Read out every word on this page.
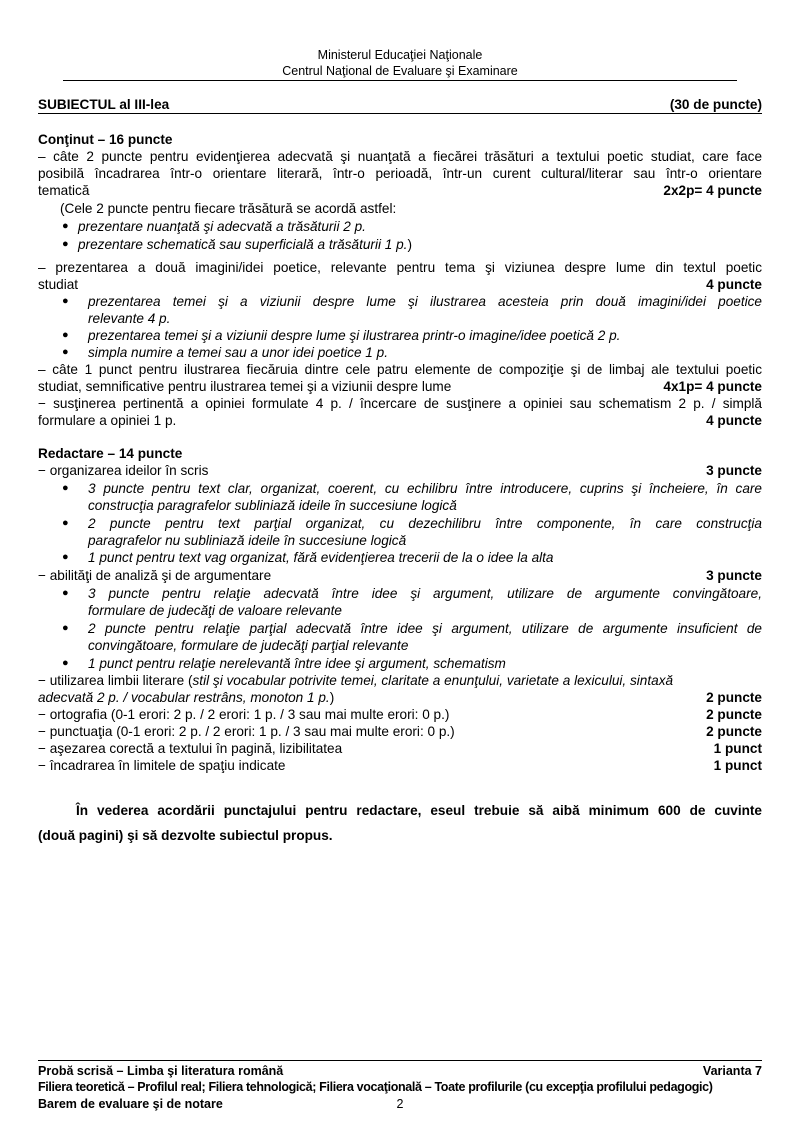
Ministerul Educaţiei Naţionale
Centrul Naţional de Evaluare şi Examinare
SUBIECTUL al III-lea	(30 de puncte)
Conţinut – 16 puncte
– câte 2 puncte pentru evidenţierea adecvată şi nuanţată a fiecărei trăsături a textului poetic studiat, care face
posibilă încadrarea într-o orientare literară, într-o perioadă, într-un curent cultural/literar sau într-o orientare
tematică	2x2p= 4 puncte
(Cele 2 puncte pentru fiecare trăsătură se acordă astfel:
● prezentare nuanţată şi adecvată a trăsăturii 2 p.
● prezentare schematică sau superficială a trăsăturii 1 p.)
– prezentarea a două imagini/idei poetice, relevante pentru tema şi viziunea despre lume din textul poetic
studiat	4 puncte
● prezentarea temei şi a viziunii despre lume şi ilustrarea acesteia prin două imagini/idei poetice
relevante 4 p.
● prezentarea temei şi a viziunii despre lume şi ilustrarea printr-o imagine/idee poetică 2 p.
● simpla numire a temei sau a unor idei poetice 1 p.
– câte 1 punct pentru ilustrarea fiecăruia dintre cele patru elemente de compoziţie şi de limbaj ale textului poetic
studiat, semnificative pentru ilustrarea temei şi a viziunii despre lume	4x1p= 4 puncte
− susţinerea pertinentă a opiniei formulate 4 p. / încercare de susţinere a opiniei sau schematism 2 p. / simplă
formulare a opiniei 1 p.	4 puncte
Redactare – 14 puncte
− organizarea ideilor în scris	3 puncte
● 3 puncte pentru text clar, organizat, coerent, cu echilibru între introducere, cuprins şi încheiere, în care
construcţia paragrafelor subliniază ideile în succesiune logică
● 2 puncte pentru text parţial organizat, cu dezechilibru între componente, în care construcţia
paragrafelor nu subliniază ideile în succesiune logică
● 1 punct pentru text vag organizat, fără evidenţierea trecerii de la o idee la alta
− abilităţi de analiză şi de argumentare	3 puncte
● 3 puncte pentru relaţie adecvată între idee şi argument, utilizare de argumente convingătoare,
formulare de judecăţi de valoare relevante
● 2 puncte pentru relaţie parţial adecvată între idee şi argument, utilizare de argumente insuficient de
convingătoare, formulare de judecăţi parţial relevante
● 1 punct pentru relaţie nerelevantă între idee şi argument, schematism
− utilizarea limbii literare (stil şi vocabular potrivite temei, claritate a enunţului, varietate a lexicului, sintaxă
adecvată 2 p. / vocabular restrâns, monoton 1 p.)	2 puncte
− ortografia (0-1 erori: 2 p. / 2 erori: 1 p. / 3 sau mai multe erori: 0 p.)	2 puncte
− punctuaţia (0-1 erori: 2 p. / 2 erori: 1 p. / 3 sau mai multe erori: 0 p.)	2 puncte
− aşezarea corectă a textului în pagină, lizibilitatea	1 punct
− încadrarea în limitele de spaţiu indicate	1 punct
În vederea acordării punctajului pentru redactare, eseul trebuie să aibă minimum 600 de cuvinte
(două pagini) şi să dezvolte subiectul propus.
Probă scrisă – Limba şi literatura română	Varianta 7
Filiera teoretică – Profilul real; Filiera tehnologică; Filiera vocaţională – Toate profilurile (cu excepţia profilului pedagogic)
Barem de evaluare şi de notare	2
